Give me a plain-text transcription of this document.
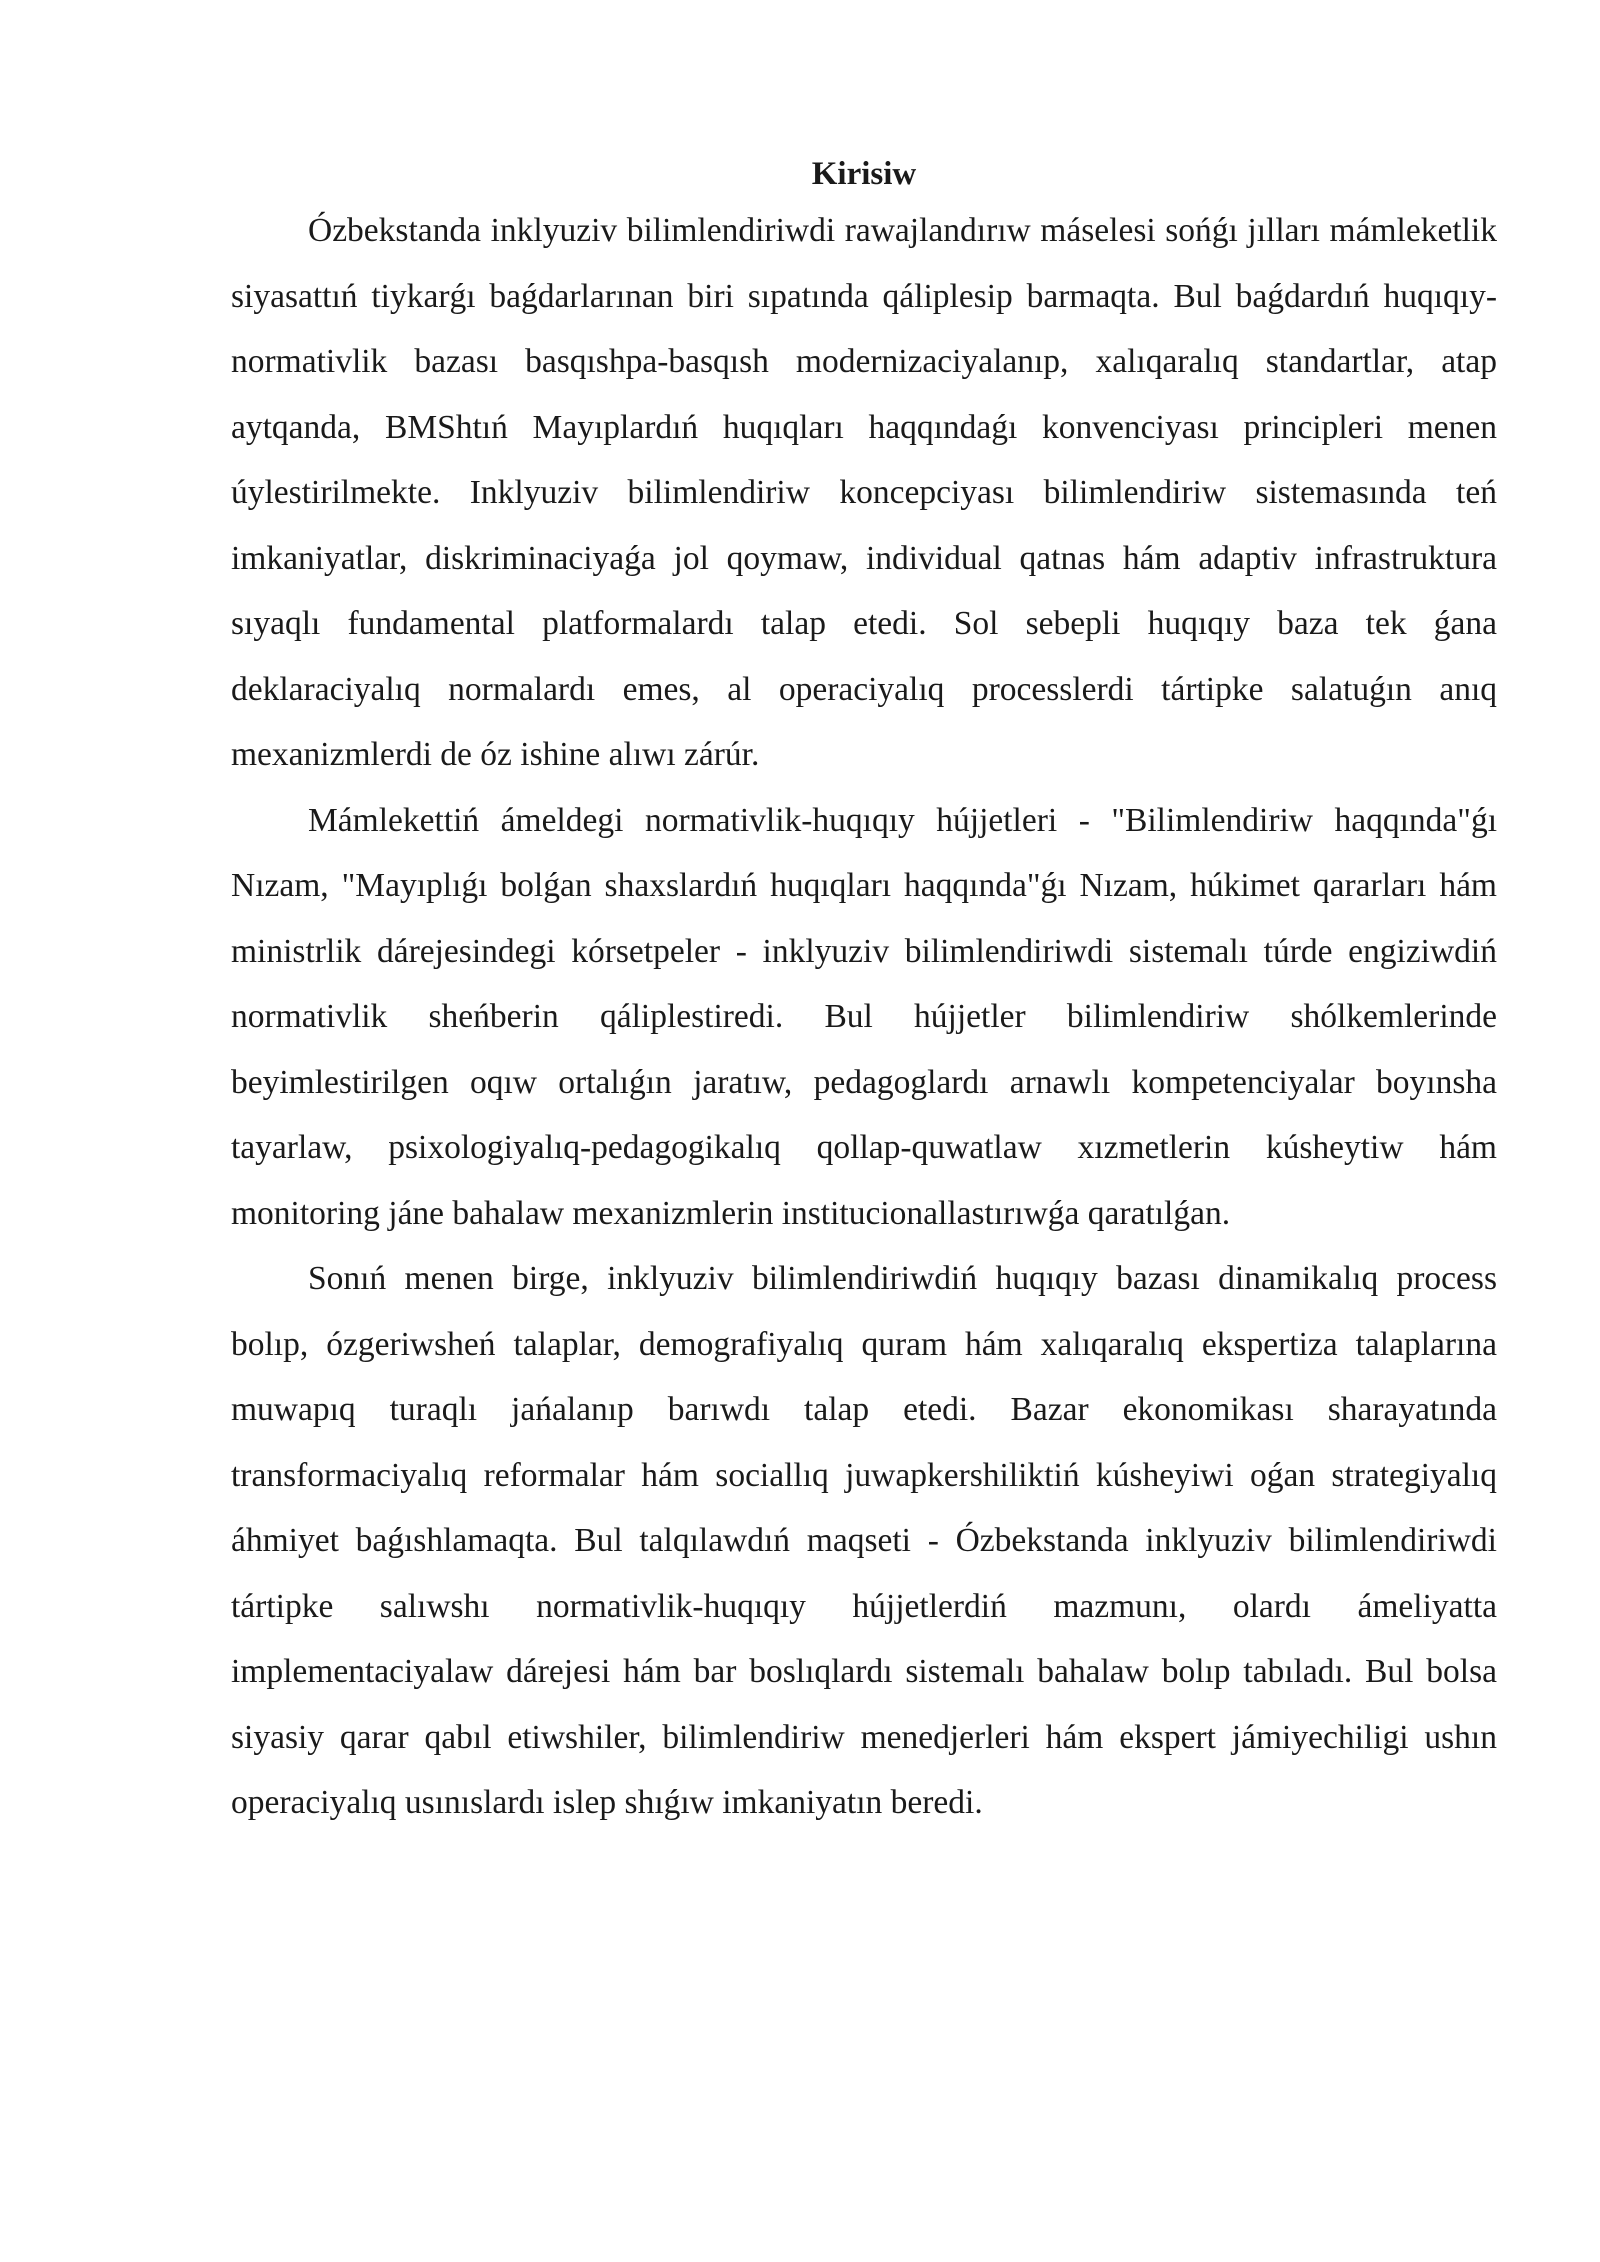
Kirisiw

Ózbekstanda inklyuziv bilimlendiriwdi rawajlandırıw máselesi sońǵı jılları mámleketlik siyasattıń tiykarǵı baǵdarlarınan biri sıpatında qáliplesip barmaqta. Bul baǵdardıń huqıqıy-normativlik bazası basqıshpa-basqısh modernizaciyalanıp, xalıqaralıq standartlar, atap aytqanda, BMShtıń Mayıplardıń huqıqları haqqındaǵı konvenciyası principleri menen úylestirilmekte. Inklyuziv bilimlendiriw koncepciyası bilimlendiriw sistemasında teń imkaniyatlar, diskriminaciyaǵa jol qoymaw, individual qatnas hám adaptiv infrastruktura sıyaqlı fundamental platformalardı talap etedi. Sol sebepli huqıqıy baza tek ǵana deklaraciyalıq normalardı emes, al operaciyalıq processlerdi tártipke salatuǵın anıq mexanizmlerdi de óz ishine alıwı zárúr.

Mámlekettiń ámeldegi normativlik-huqıqıy hújjetleri - "Bilimlendiriw haqqında"ǵı Nızam, "Mayıplıǵı bolǵan shaxslardıń huqıqları haqqında"ǵı Nızam, húkimet qararları hám ministrlik dárejesindegi kórsetpeler - inklyuziv bilimlendiriwdi sistemalı túrde engiziwdiń normativlik sheńberin qáliplestiredi. Bul hújjetler bilimlendiriw shólkemlerinde beyimlestirilgen oqıw ortalıǵın jaratıw, pedagoglardı arnawlı kompetenciyalar boyınsha tayarlaw, psixologiyalıq-pedagogikalıq qollap-quwatlaw xızmetlerin kúsheytiw hám monitoring jáne bahalaw mexanizmlerin institucionallastırıwǵa qaratılǵan.

Sonıń menen birge, inklyuziv bilimlendiriwdiń huqıqıy bazası dinamikalıq process bolıp, ózgeriwsheń talaplar, demografiyalıq quram hám xalıqaralıq ekspertiza talaplarına muwapıq turaqlı jańalanıp barıwdı talap etedi. Bazar ekonomikası sharayatında transformaciyalıq reformalar hám sociallıq juwapkershiliktiń kúsheyiwi oǵan strategiyalıq áhmiyet baǵıshlamaqta. Bul talqılawdıń maqseti - Ózbekstanda inklyuziv bilimlendiriwdi tártipke salıwshı normativlik-huqıqıy hújjetlerdiń mazmunı, olardı ámeliyatta implementaciyalaw dárejesi hám bar boslıqlardı sistemalı bahalaw bolıp tabıladı. Bul bolsa siyasiy qarar qabıl etiwshiler, bilimlendiriw menedjerleri hám ekspert jámiyechiligi ushın operaciyalıq usınıslardı islep shıǵıw imkaniyatın beredi.
